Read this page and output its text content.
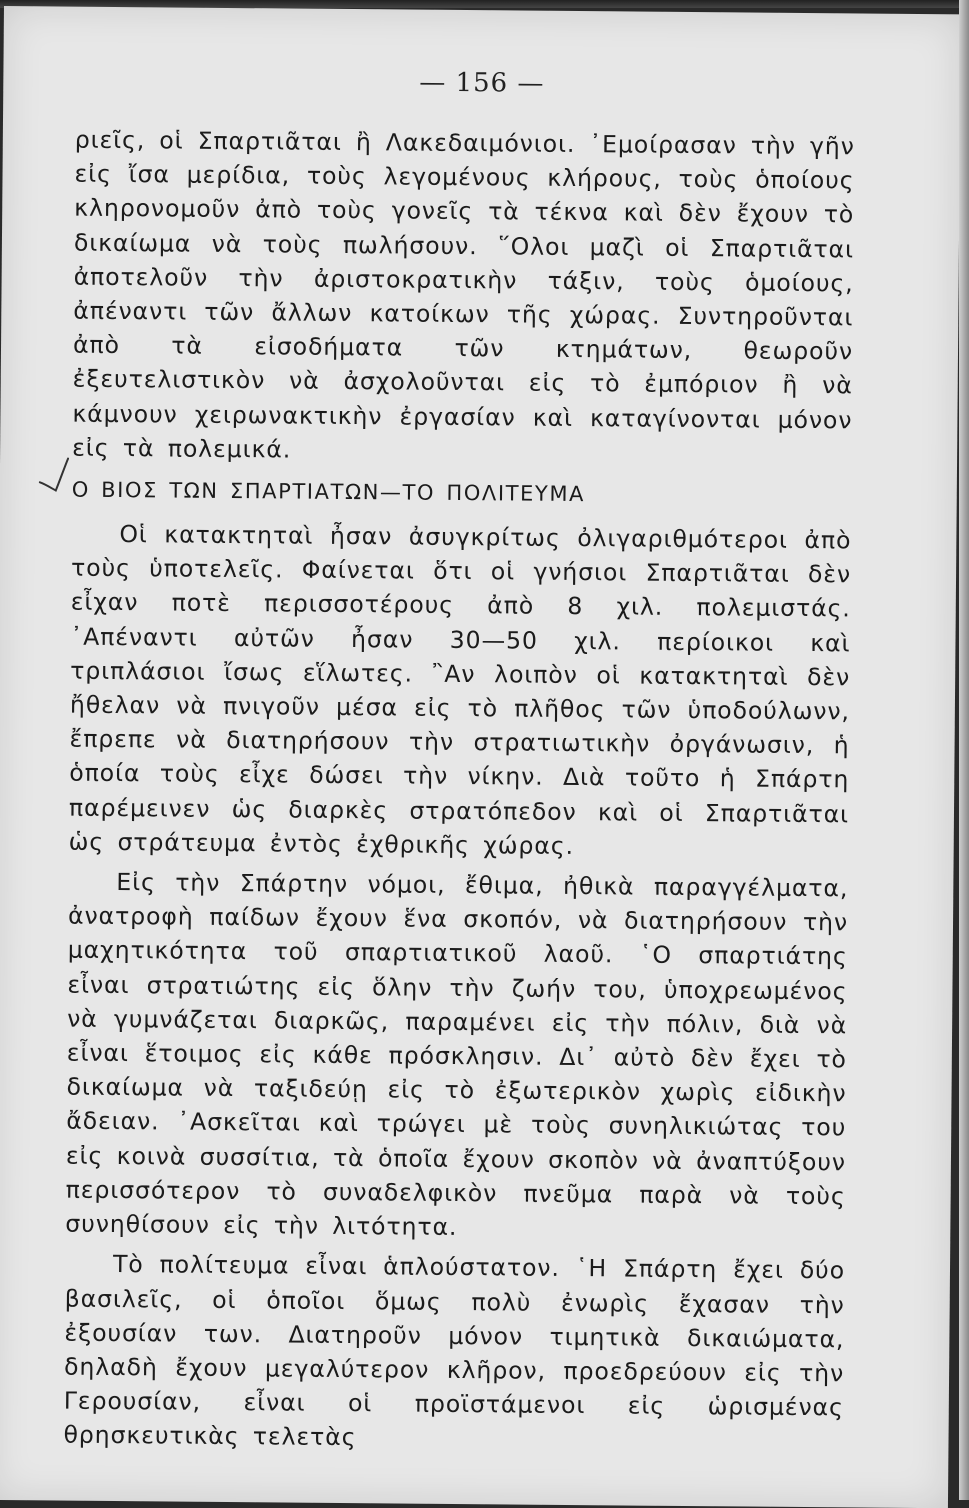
— 156 —

ριεῖς, οἱ Σπαρτιᾶται ἢ Λακεδαιμόνιοι. ᾿Εμοίρασαν τὴν γῆν εἰς ἴσα μερίδια, τοὺς λεγομένους κλήρους, τοὺς ὁποίους κληρονομοῦν ἀπὸ τοὺς γονεῖς τὰ τέκνα καὶ δὲν ἔχουν τὸ δικαίωμα νὰ τοὺς πωλήσουν. ῞Ολοι μαζὶ οἱ Σπαρτιᾶται ἀποτελοῦν τὴν ἀριστοκρατικὴν τάξιν, τοὺς ὁμοίους, ἀπέναντι τῶν ἄλλων κατοίκων τῆς χώρας. Συντηροῦνται ἀπὸ τὰ εἰσοδήματα τῶν κτημάτων, θεωροῦν ἐξευτελιστικὸν νὰ ἀσχολοῦνται εἰς τὸ ἐμπόριον ἢ νὰ κάμνουν χειρωνακτικὴν ἐργασίαν καὶ καταγίνονται μόνον εἰς τὰ πολεμικά.

Ο ΒΙΟΣ ΤΩΝ ΣΠΑΡΤΙΑΤΩΝ—ΤΟ ΠΟΛΙΤΕΥΜΑ

Οἱ κατακτηταὶ ἦσαν ἀσυγκρίτως ὀλιγαριθμότεροι ἀπὸ τοὺς ὑποτελεῖς. Φαίνεται ὅτι οἱ γνήσιοι Σπαρτιᾶται δὲν εἶχαν ποτὲ περισσοτέρους ἀπὸ 8 χιλ. πολεμιστάς. ᾿Απέναντι αὐτῶν ἦσαν 30—50 χιλ. περίοικοι καὶ τριπλάσιοι ἴσως εἵλωτες. ῍Αν λοιπὸν οἱ κατακτηταὶ δὲν ἤθελαν νὰ πνιγοῦν μέσα εἰς τὸ πλῆθος τῶν ὑποδούλωνν, ἔπρεπε νὰ διατηρήσουν τὴν στρατιωτικὴν ὀργάνωσιν, ἡ ὁποία τοὺς εἶχε δώσει τὴν νίκην. Διὰ τοῦτο ἡ Σπάρτη παρέμεινεν ὡς διαρκὲς στρατόπεδον καὶ οἱ Σπαρτιᾶται ὡς στράτευμα ἐντὸς ἐχθρικῆς χώρας.

Εἰς τὴν Σπάρτην νόμοι, ἔθιμα, ἠθικὰ παραγγέλματα, ἀνατροφὴ παίδων ἔχουν ἕνα σκοπόν, νὰ διατηρήσουν τὴν μαχητικότητα τοῦ σπαρτιατικοῦ λαοῦ. ῾Ο σπαρτιάτης εἶναι στρατιώτης εἰς ὅλην τὴν ζωήν του, ὑποχρεωμένος νὰ γυμνάζεται διαρκῶς, παραμένει εἰς τὴν πόλιν, διὰ νὰ εἶναι ἕτοιμος εἰς κάθε πρόσκλησιν. Δι᾿ αὐτὸ δὲν ἔχει τὸ δικαίωμα νὰ ταξιδεύῃ εἰς τὸ ἐξωτερικὸν χωρὶς εἰδικὴν ἄδειαν. ᾿Ασκεῖται καὶ τρώγει μὲ τοὺς συνηλικιώτας του εἰς κοινὰ συσσίτια, τὰ ὁποῖα ἔχουν σκοπὸν νὰ ἀναπτύξουν περισσότερον τὸ συναδελφικὸν πνεῦμα παρὰ νὰ τοὺς συνηθίσουν εἰς τὴν λιτότητα.

Τὸ πολίτευμα εἶναι ἁπλούστατον. ῾Η Σπάρτη ἔχει δύο βασιλεῖς, οἱ ὁποῖοι ὅμως πολὺ ἐνωρὶς ἔχασαν τὴν ἐξουσίαν των. Διατηροῦν μόνον τιμητικὰ δικαιώματα, δηλαδὴ ἔχουν μεγαλύτερον κλῆρον, προεδρεύουν εἰς τὴν Γερουσίαν, εἶναι οἱ προϊστάμενοι εἰς ὡρισμένας θρησκευτικὰς τελετὰς
